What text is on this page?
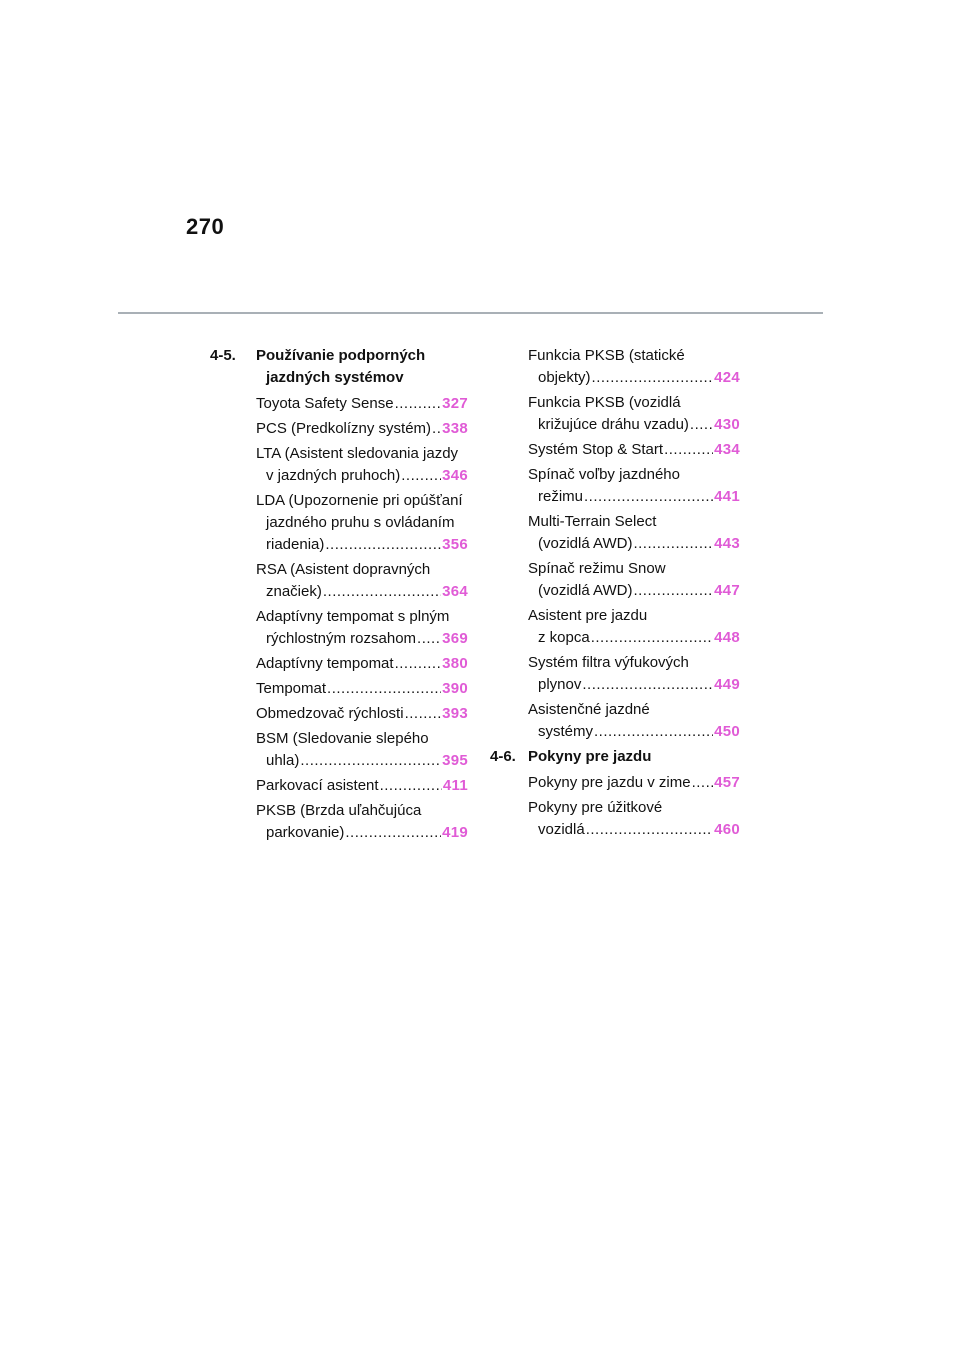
270
4-5. Používanie podporných
jazdných systémov
Toyota Safety Sense .....	327
PCS (Predkolízny systém) ..... 338
LTA (Asistent sledovania jazdy
v jazdných pruhoch) .....	346
LDA (Upozornenie pri opúšťaní
jazdného pruhu s ovládaním
riadenia) .....	356
RSA (Asistent dopravných
značiek) .....	364
Adaptívny tempomat s plným
rýchlostným rozsahom ..... 369
Adaptívny tempomat .....	380
Tempomat .....	390
Obmedzovač rýchlosti .....	393
BSM (Sledovanie slepého
uhla) .....	395
Parkovací asistent .....	411
PKSB (Brzda uľahčujúca
parkovanie) .....	419
Funkcia PKSB (statické
objekty) .....	424
Funkcia PKSB (vozidlá
križujúce dráhu vzadu) ..... 430
Systém Stop & Start .....	434
Spínač voľby jazdného
režimu .....	441
Multi-Terrain Select
(vozidlá AWD) .....	443
Spínač režimu Snow
(vozidlá AWD) .....	447
Asistent pre jazdu
z kopca .....	448
Systém filtra výfukových
plynov .....	449
Asistenčné jazdné
systémy .....	450
4-6. Pokyny pre jazdu
Pokyny pre jazdu v zime ..... 457
Pokyny pre úžitkové
vozidlá .....	460
